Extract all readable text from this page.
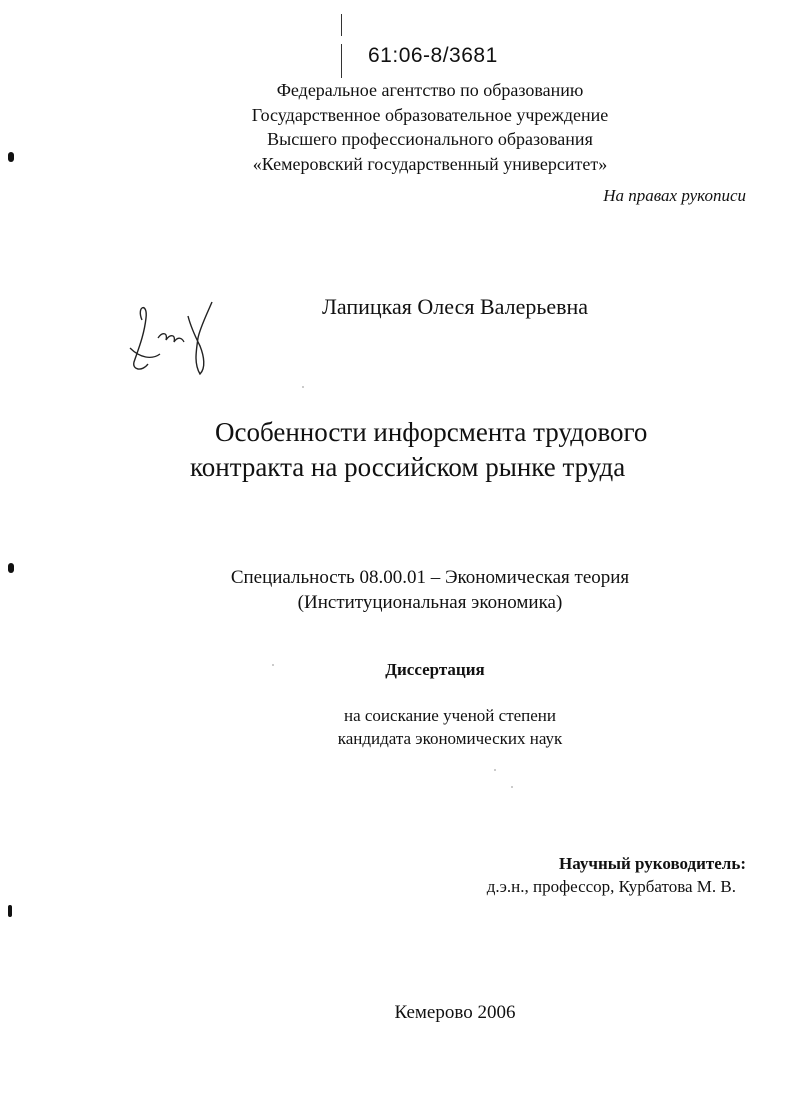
61:06-8/3681
Федеральное агентство по образованию
Государственное образовательное учреждение
Высшего профессионального образования
«Кемеровский государственный университет»
На правах рукописи
Лапицкая Олеся Валерьевна
Особенности инфорсмента трудового
контракта на российском рынке труда
Специальность 08.00.01 – Экономическая теория
(Институциональная экономика)
Диссертация
на соискание ученой степени
кандидата экономических наук
Научный руководитель:
д.э.н., профессор, Курбатова М. В.
Кемерово 2006
